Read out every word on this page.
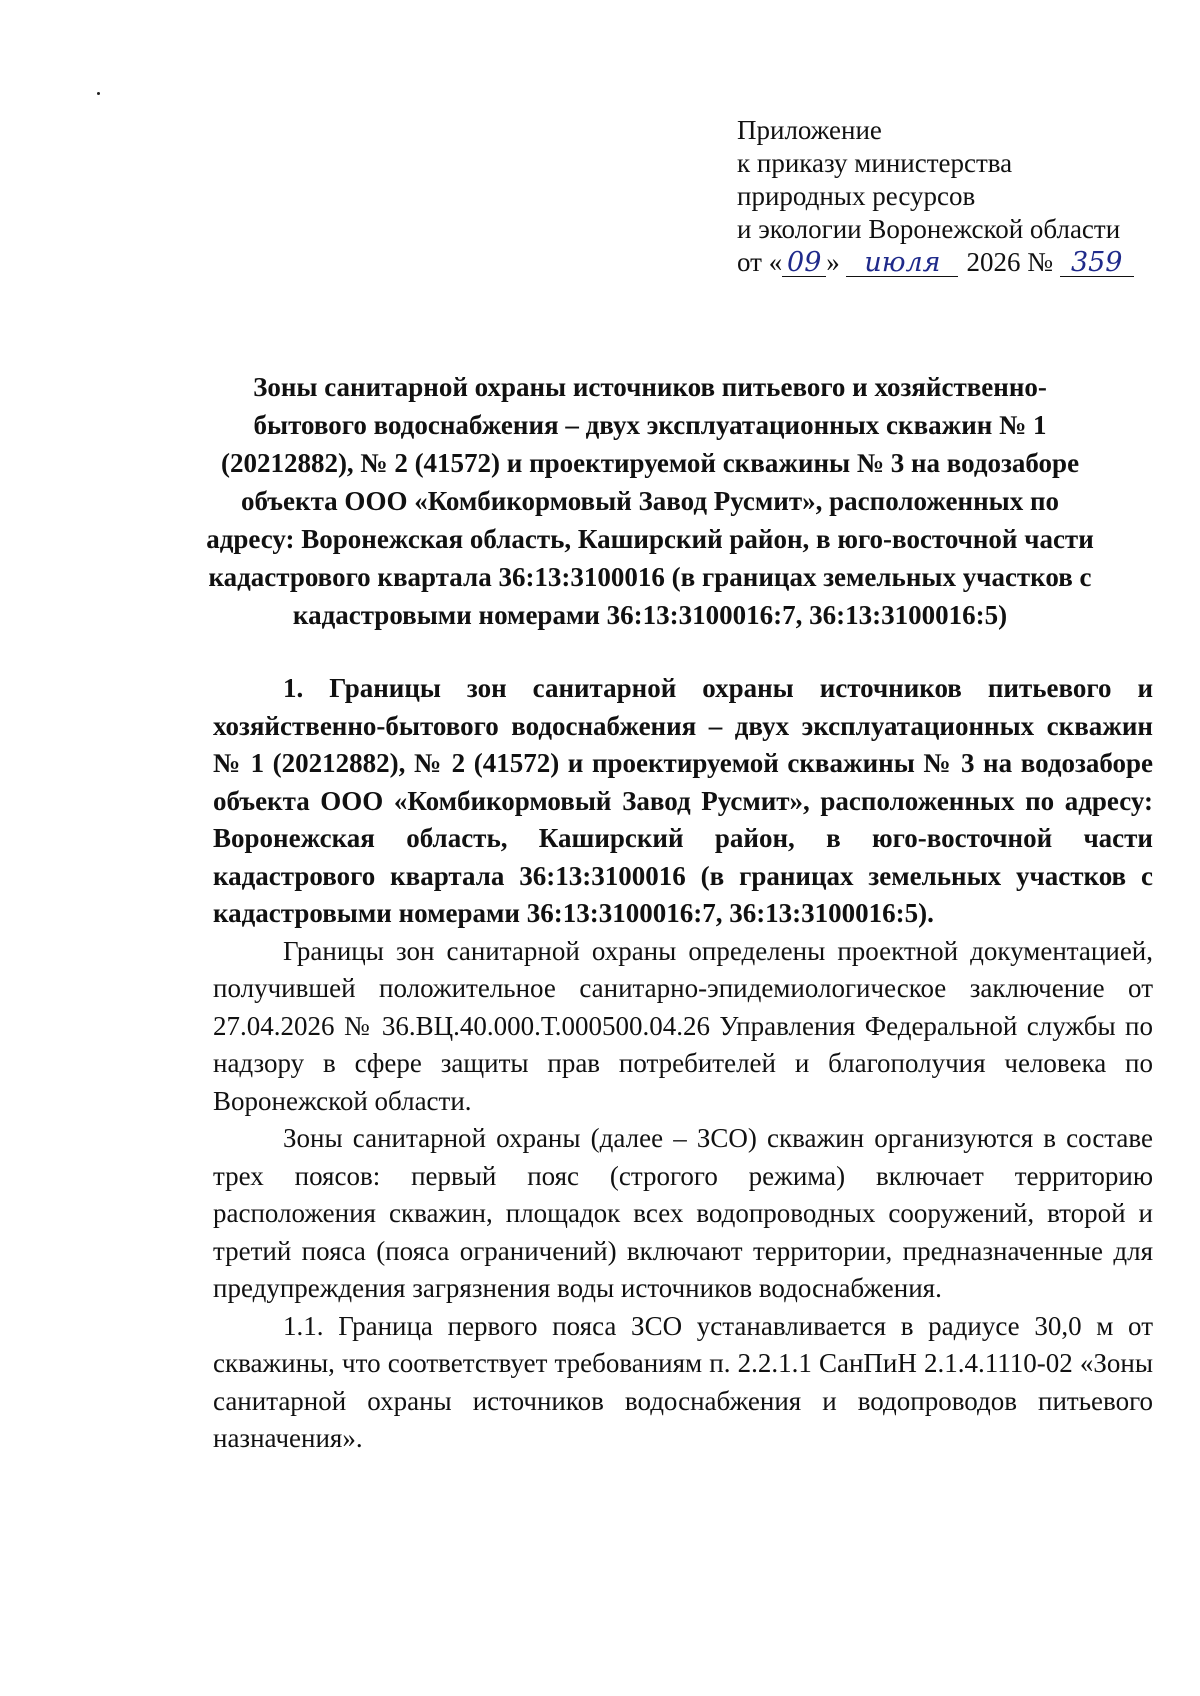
Приложение
к приказу министерства
природных ресурсов
и экологии Воронежской области
от « 09 » июля 2026 № 359
Зоны санитарной охраны источников питьевого и хозяйственно-бытового водоснабжения – двух эксплуатационных скважин № 1 (20212882), № 2 (41572) и проектируемой скважины № 3 на водозаборе объекта ООО «Комбикормовый Завод Русмит», расположенных по адресу: Воронежская область, Каширский район, в юго-восточной части кадастрового квартала 36:13:3100016 (в границах земельных участков с кадастровыми номерами 36:13:3100016:7, 36:13:3100016:5)

1. Границы зон санитарной охраны источников питьевого и хозяйственно-бытового водоснабжения – двух эксплуатационных скважин № 1 (20212882), № 2 (41572) и проектируемой скважины № 3 на водозаборе объекта ООО «Комбикормовый Завод Русмит», расположенных по адресу: Воронежская область, Каширский район, в юго-восточной части кадастрового квартала 36:13:3100016 (в границах земельных участков с кадастровыми номерами 36:13:3100016:7, 36:13:3100016:5).

Границы зон санитарной охраны определены проектной документацией, получившей положительное санитарно-эпидемиологическое заключение от 27.04.2026 № 36.ВЦ.40.000.Т.000500.04.26 Управления Федеральной службы по надзору в сфере защиты прав потребителей и благополучия человека по Воронежской области.

Зоны санитарной охраны (далее – ЗСО) скважин организуются в составе трех поясов: первый пояс (строгого режима) включает территорию расположения скважин, площадок всех водопроводных сооружений, второй и третий пояса (пояса ограничений) включают территории, предназначенные для предупреждения загрязнения воды источников водоснабжения.

1.1. Граница первого пояса ЗСО устанавливается в радиусе 30,0 м от скважины, что соответствует требованиям п. 2.2.1.1 СанПиН 2.1.4.1110-02 «Зоны санитарной охраны источников водоснабжения и водопроводов питьевого назначения».
